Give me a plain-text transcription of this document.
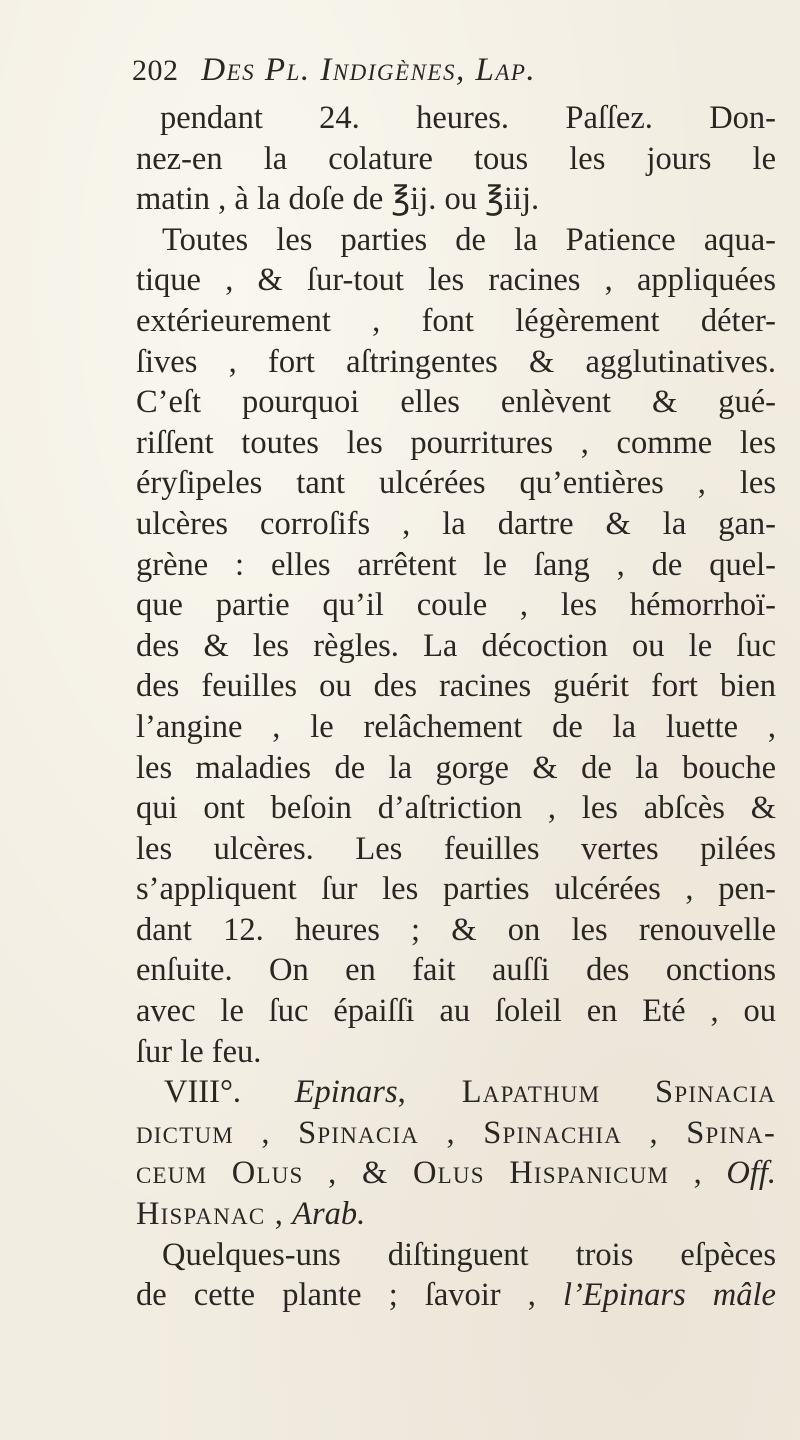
202 Des Pl. Indigènes, Lap.
pendant 24. heures. Paſſez. Don-
nez-en la colature tous les jours le
matin , à la doſe de ℥ij. ou ℥iij.
Toutes les parties de la Patience aqua-
tique , & ſur-tout les racines , appliquées
extérieurement , font légèrement déter-
ſives , fort aſtringentes & agglutinatives.
C’eſt pourquoi elles enlèvent & gué-
riſſent toutes les pourritures , comme les
éryſipeles tant ulcérées qu’entières , les
ulcères corroſifs , la dartre & la gan-
grène : elles arrêtent le ſang , de quel-
que partie qu’il coule , les hémorrhoï-
des & les règles. La décoction ou le ſuc
des feuilles ou des racines guérit fort bien
l’angine , le relâchement de la luette ,
les maladies de la gorge & de la bouche
qui ont beſoin d’aſtriction , les abſcès &
les ulcères. Les feuilles vertes pilées
s’appliquent ſur les parties ulcérées , pen-
dant 12. heures ; & on les renouvelle
enſuite. On en fait auſſi des onctions
avec le ſuc épaiſſi au ſoleil en Eté , ou
ſur le feu.
VIII°. Epinars, Lapathum Spinacia
dictum , Spinacia , Spinachia , Spina-
ceum Olus , & Olus Hispanicum , Off.
Hispanac , Arab.
Quelques-uns diſtinguent trois eſpèces
de cette plante ; ſavoir , l’Epinars mâle
